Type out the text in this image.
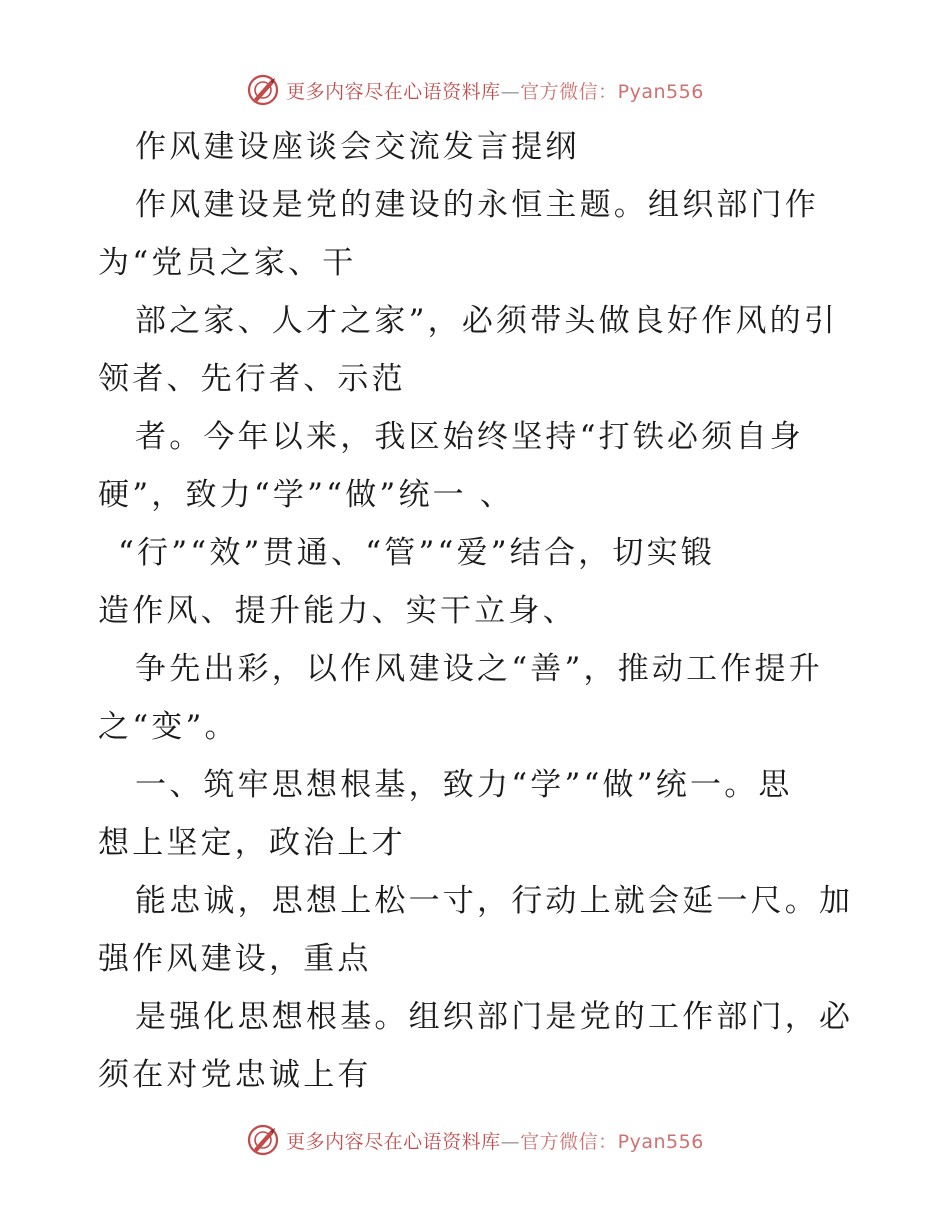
更多内容尽在心语资料库—官方微信：Pyan556
作风建设座谈会交流发言提纲
作风建设是党的建设的永恒主题。组织部门作
为“党员之家、干
部之家、人才之家”，必须带头做良好作风的引
领者、先行者、示范
者。今年以来，我区始终坚持“打铁必须自身
硬”，致力“学”“做”统一 、
“行”“效”贯通、“管”“爱”结合，切实锻
造作风、提升能力、实干立身、
争先出彩，以作风建设之“善”，推动工作提升
之“变”。
一、筑牢思想根基，致力“学”“做”统一。思
想上坚定，政治上才
能忠诚，思想上松一寸，行动上就会延一尺。加
强作风建设，重点
是强化思想根基。组织部门是党的工作部门，必
须在对党忠诚上有
更多内容尽在心语资料库—官方微信：Pyan556
